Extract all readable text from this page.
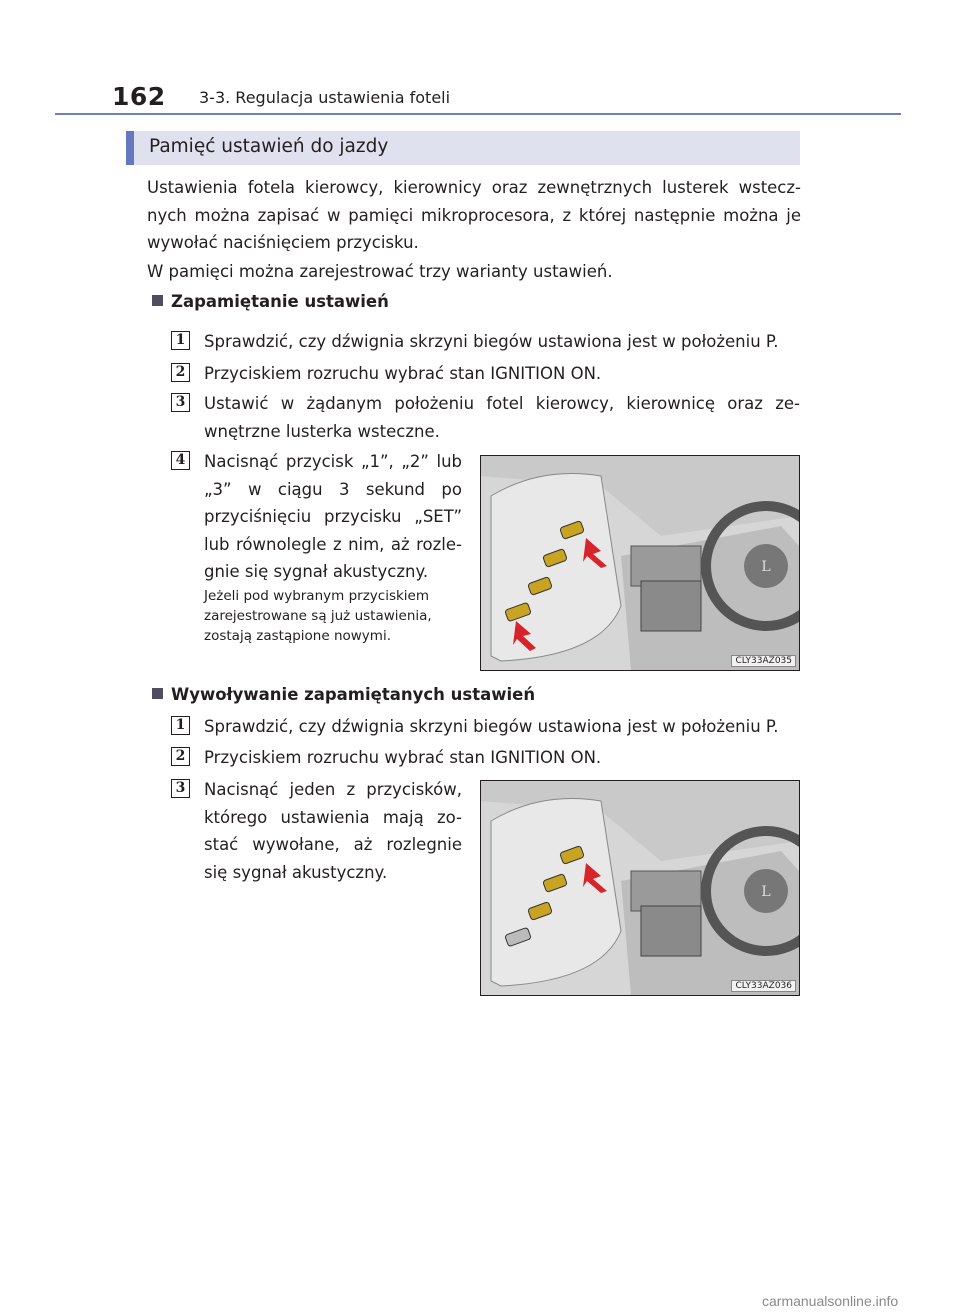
162 3-3. Regulacja ustawienia foteli
Pamięć ustawień do jazdy

Ustawienia fotela kierowcy, kierownicy oraz zewnętrznych lusterek wstecz-nych można zapisać w pamięci mikroprocesora, z której następnie można je wywołać naciśnięciem przycisku.

W pamięci można zarejestrować trzy warianty ustawień.

Zapamiętanie ustawień
1 Sprawdzić, czy dźwignia skrzyni biegów ustawiona jest w położeniu P.

2 Przyciskiem rozruchu wybrać stan IGNITION ON.

3 Ustawić w żądanym położeniu fotel kierowcy, kierownicę oraz ze-wnętrzne lusterka wsteczne.

4 Nacisnąć przycisk „1”, „2” lub „3” w ciągu 3 sekund po przyciśnięciu przycisku „SET” lub równolegle z nim, aż rozle-gnie się sygnał akustyczny.

Jeżeli pod wybranym przyciskiem zarejestrowane są już ustawienia, zostają zastąpione nowymi.

L
CLY33AZ035
Wywoływanie zapamiętanych ustawień
1 Sprawdzić, czy dźwignia skrzyni biegów ustawiona jest w położeniu P.

2 Przyciskiem rozruchu wybrać stan IGNITION ON.

3 Nacisnąć jeden z przycisków, którego ustawienia mają zo-stać wywołane, aż rozlegnie się sygnał akustyczny.

L
CLY33AZ036
carmanualsonline.info
